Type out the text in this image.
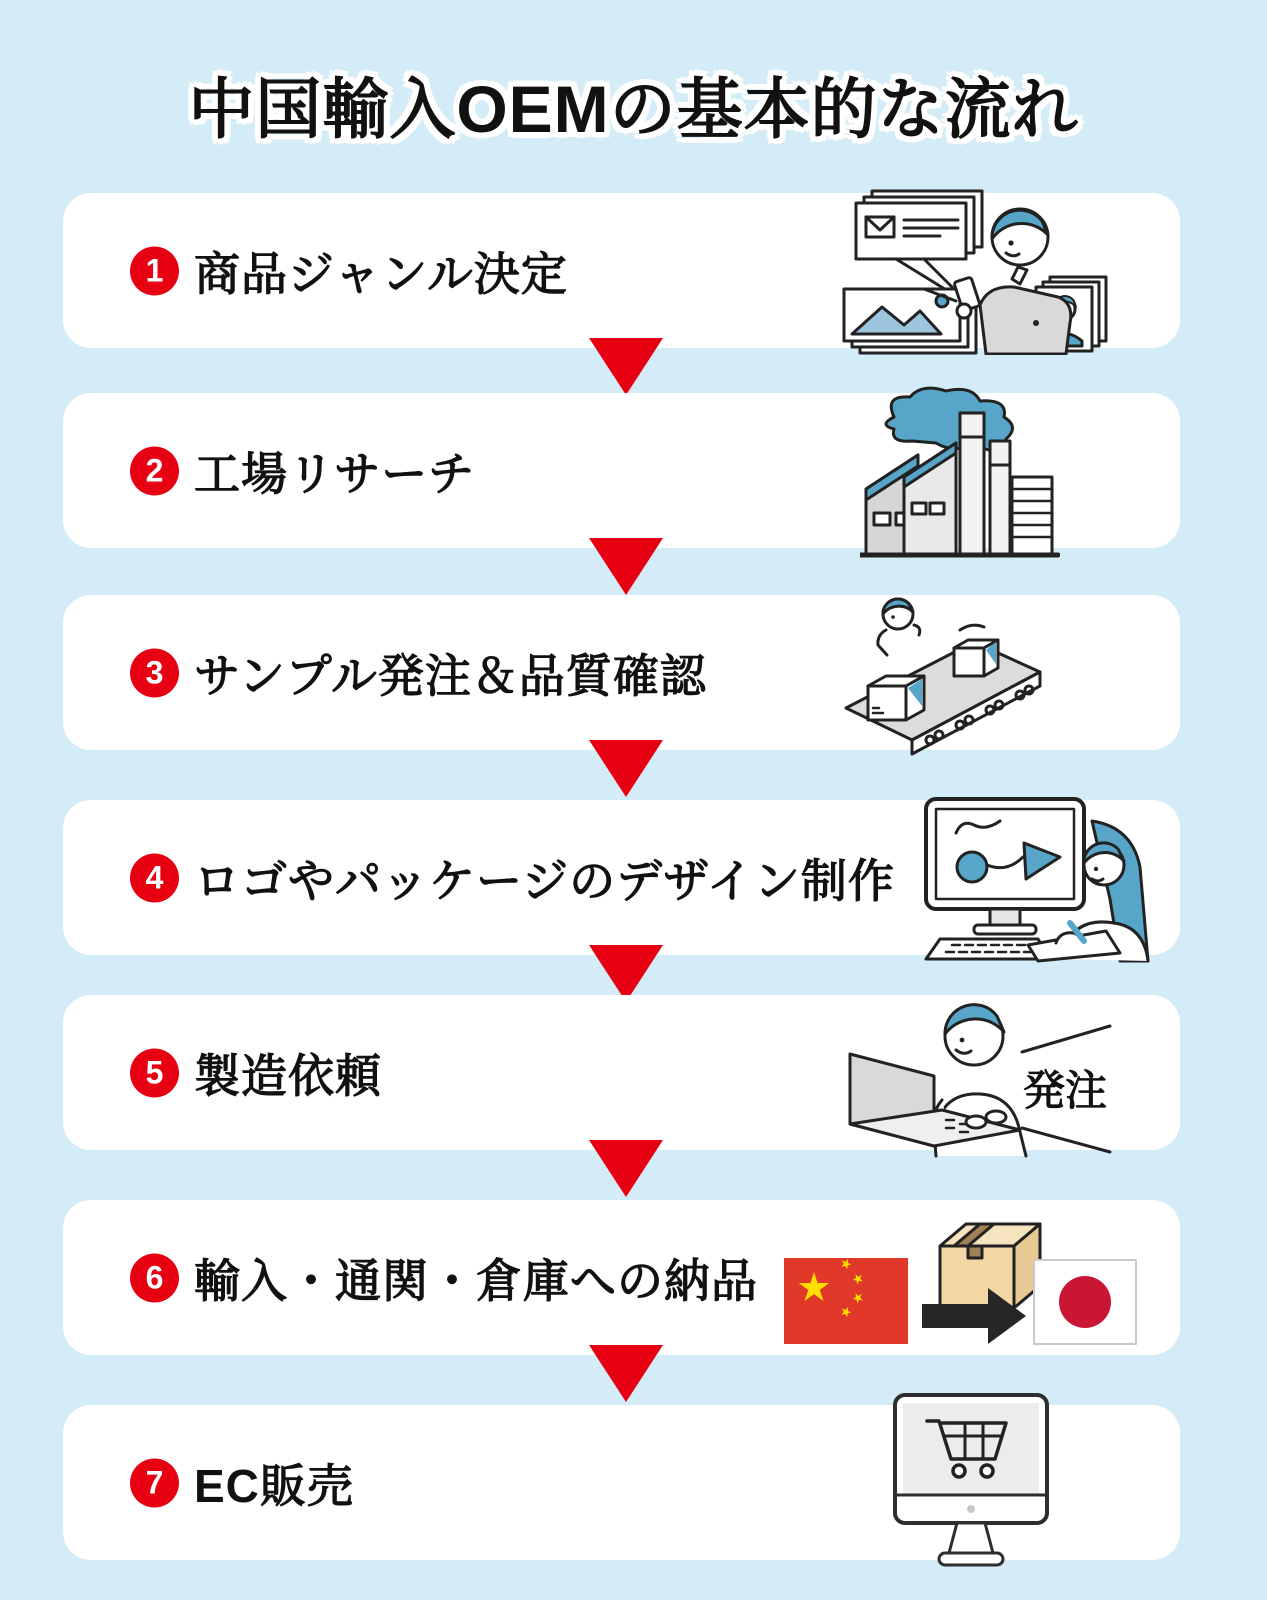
中国輸入OEMの基本的な流れ
1 商品ジャンル決定
2 工場リサーチ
3 サンプル発注＆品質確認
4 ロゴやパッケージのデザイン制作
5 製造依頼	発注
6 輸入・通関・倉庫への納品
7 EC販売
